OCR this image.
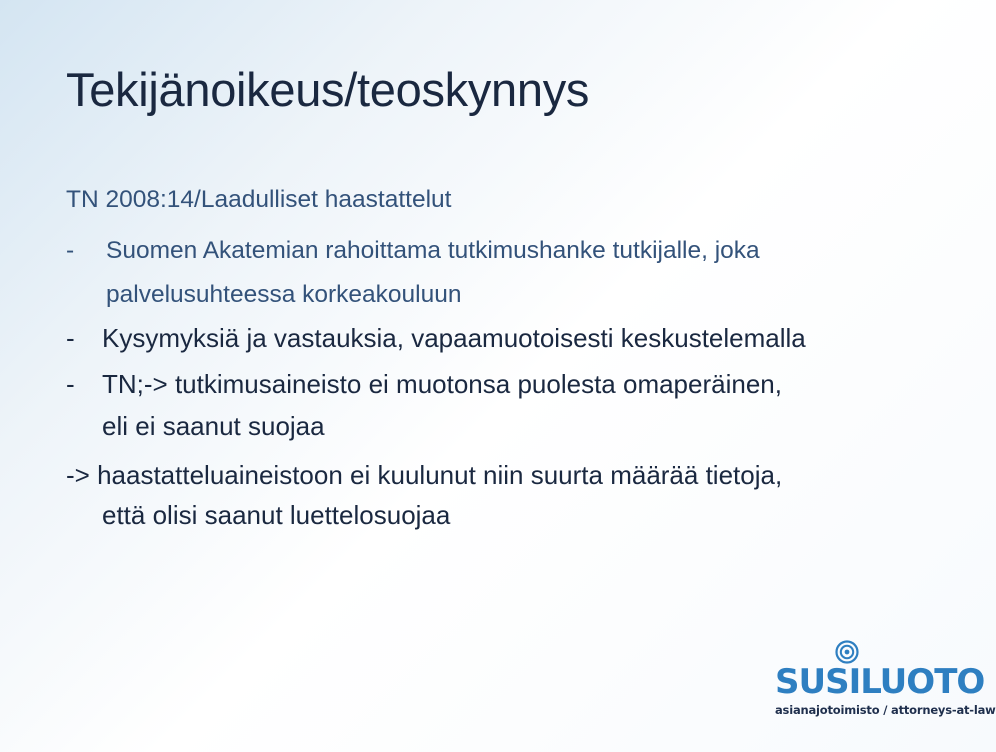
Tekijänoikeus/teoskynnys
TN 2008:14/Laadulliset haastattelut
- Suomen Akatemian rahoittama tutkimushanke tutkijalle, joka
palvelusuhteessa korkeakouluun
- Kysymyksiä ja vastauksia, vapaamuotoisesti keskustelemalla
- TN;-> tutkimusaineisto ei muotonsa puolesta omaperäinen,
eli ei saanut suojaa
-> haastatteluaineistoon ei kuulunut niin suurta määrää tietoja,
että olisi saanut luettelosuojaa
SUSILUOTO
asianajotoimisto / attorneys-at-law
